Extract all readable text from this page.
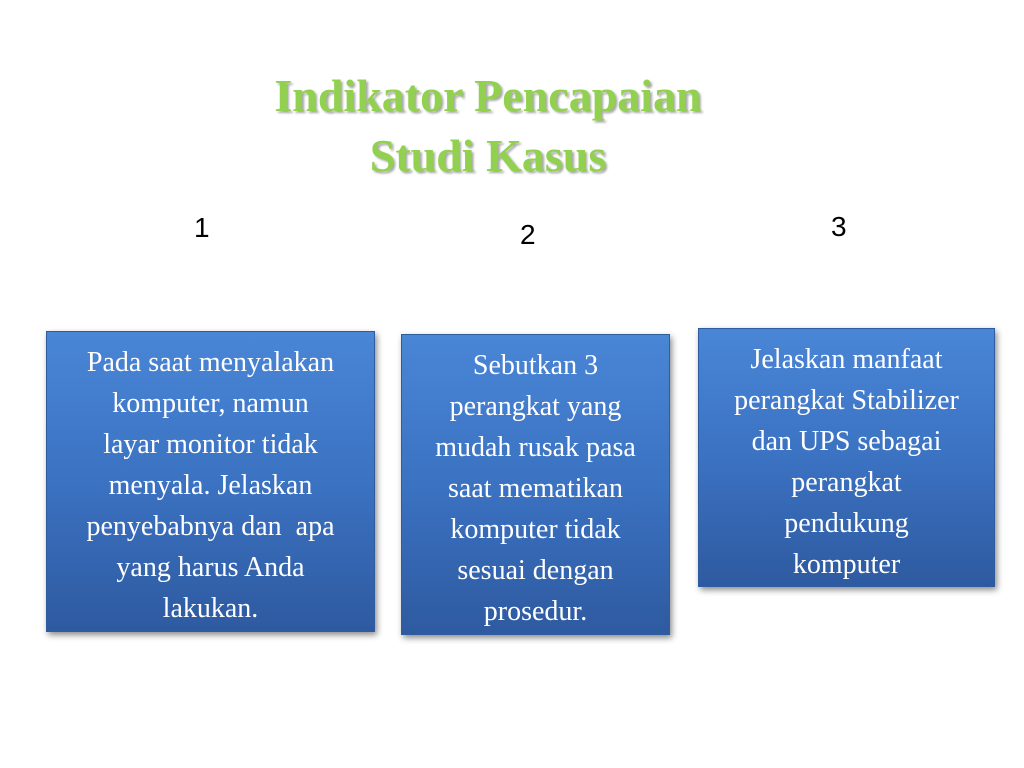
Indikator Pencapaian
Studi Kasus
1	2	3
Pada saat menyalakan
komputer, namun
layar monitor tidak
menyala. Jelaskan
penyebabnya dan  apa
yang harus Anda
lakukan.
Sebutkan 3
perangkat yang
mudah rusak pasa
saat mematikan
komputer tidak
sesuai dengan
prosedur.
Jelaskan manfaat
perangkat Stabilizer
dan UPS sebagai
perangkat
pendukung
komputer
